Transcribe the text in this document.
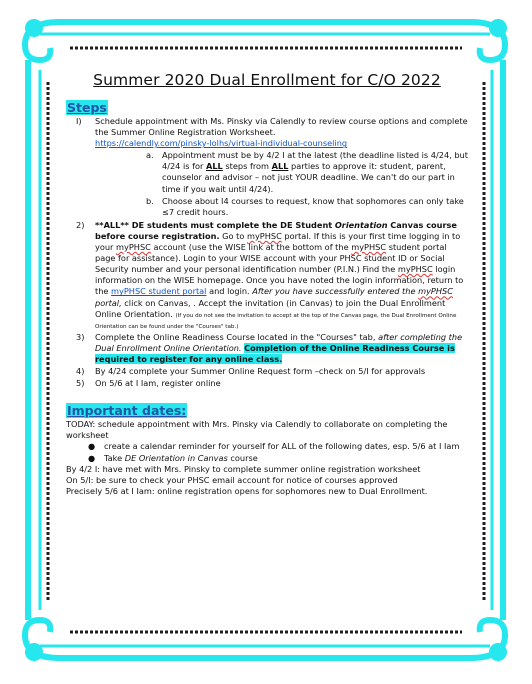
Summer 2020 Dual Enrollment for C/O 2022
Steps
I) Schedule appointment with Ms. Pinsky via Calendly to review course options and complete the Summer Online Registration Worksheet.
https://calendly.com/pinsky-lolhs/virtual-individual-counseling
a. Appointment must be by 4/2 I at the latest (the deadline listed is 4/24, but 4/24 is for ALL steps from ALL parties to approve it: student, parent, counselor and advisor – not just YOUR deadline. We can't do our part in time if you wait until 4/24).
b. Choose about I4 courses to request, know that sophomores can only take ≤7 credit hours.
2) **ALL** DE students must complete the DE Student Orientation Canvas course before course registration. Go to myPHSC portal. If this is your first time logging in to your myPHSC account (use the WISE link at the bottom of the myPHSC student portal page for assistance). Login to your WISE account with your PHSC student ID or Social Security number and your personal identification number (P.I.N.) Find the myPHSC login information on the WISE homepage. Once you have noted the login information, return to the myPHSC student portal and login. After you have successfully entered the myPHSC portal, click on Canvas, . Accept the invitation (in Canvas) to join the Dual Enrollment Online Orientation. (If you do not see the invitation to accept at the top of the Canvas page, the Dual Enrollment Online Orientation can be found under the "Courses" tab.)
3) Complete the Online Readiness Course located in the "Courses" tab, after completing the Dual Enrollment Online Orientation. Completion of the Online Readiness Course is required to register for any online class.
4) By 4/24 complete your Summer Online Request form –check on 5/I for approvals
5) On 5/6 at I Iam, register online
Important dates:
TODAY: schedule appointment with Mrs. Pinsky via Calendly to collaborate on completing the worksheet
● create a calendar reminder for yourself for ALL of the following dates, esp. 5/6 at I Iam
● Take DE Orientation in Canvas course
By 4/2 I: have met with Mrs. Pinsky to complete summer online registration worksheet
On 5/I: be sure to check your PHSC email account for notice of courses approved
Precisely 5/6 at I Iam: online registration opens for sophomores new to Dual Enrollment.
